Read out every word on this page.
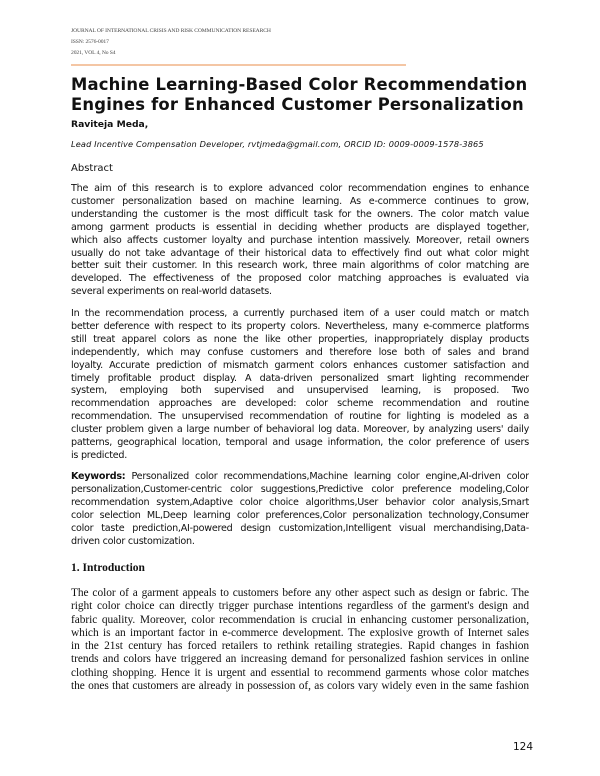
JOURNAL OF INTERNATIONAL CRISIS AND RISK COMMUNICATION RESEARCH
ISSN: 2576-0017
2021, VOL 4, No S4
Machine Learning-Based Color Recommendation
Engines for Enhanced Customer Personalization
Raviteja Meda,
Lead Incentive Compensation Developer, rvtjmeda@gmail.com, ORCID ID: 0009-0009-1578-3865
Abstract
The aim of this research is to explore advanced color recommendation engines to enhance
customer personalization based on machine learning. As e-commerce continues to grow,
understanding the customer is the most difficult task for the owners. The color match value
among garment products is essential in deciding whether products are displayed together,
which also affects customer loyalty and purchase intention massively. Moreover, retail owners
usually do not take advantage of their historical data to effectively find out what color might
better suit their customer. In this research work, three main algorithms of color matching are
developed. The effectiveness of the proposed color matching approaches is evaluated via
several experiments on real-world datasets.
In the recommendation process, a currently purchased item of a user could match or match
better deference with respect to its property colors. Nevertheless, many e-commerce platforms
still treat apparel colors as none the like other properties, inappropriately display products
independently, which may confuse customers and therefore lose both of sales and brand
loyalty. Accurate prediction of mismatch garment colors enhances customer satisfaction and
timely profitable product display. A data-driven personalized smart lighting recommender
system, employing both supervised and unsupervised learning, is proposed. Two
recommendation approaches are developed: color scheme recommendation and routine
recommendation. The unsupervised recommendation of routine for lighting is modeled as a
cluster problem given a large number of behavioral log data. Moreover, by analyzing users' daily
patterns, geographical location, temporal and usage information, the color preference of users
is predicted.
Keywords: Personalized color recommendations,Machine learning color engine,AI-driven color
personalization,Customer-centric color suggestions,Predictive color preference modeling,Color
recommendation system,Adaptive color choice algorithms,User behavior color analysis,Smart
color selection ML,Deep learning color preferences,Color personalization technology,Consumer
color taste prediction,AI-powered design customization,Intelligent visual merchandising,Data-
driven color customization.
1. Introduction
The color of a garment appeals to customers before any other aspect such as design or fabric. The
right color choice can directly trigger purchase intentions regardless of the garment's design and
fabric quality. Moreover, color recommendation is crucial in enhancing customer personalization,
which is an important factor in e-commerce development. The explosive growth of Internet sales
in the 21st century has forced retailers to rethink retailing strategies. Rapid changes in fashion
trends and colors have triggered an increasing demand for personalized fashion services in online
clothing shopping. Hence it is urgent and essential to recommend garments whose color matches
the ones that customers are already in possession of, as colors vary widely even in the same fashion
124
